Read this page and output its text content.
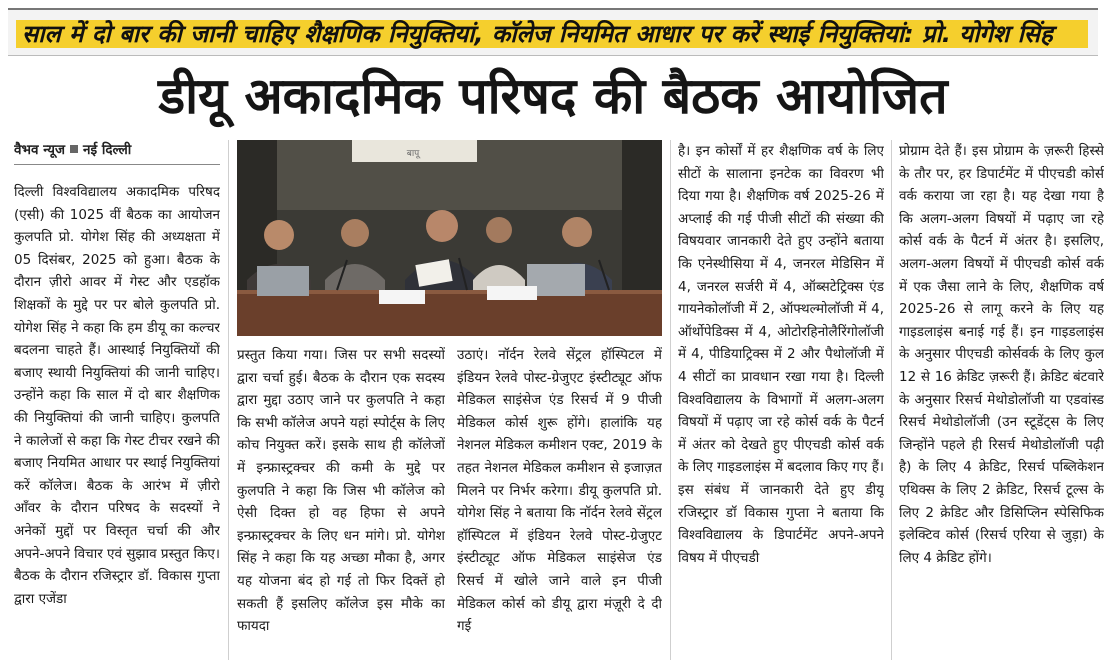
साल में दो बार की जानी चाहिए शैक्षणिक नियुक्तियां, कॉलेज नियमित आधार पर करें स्थाई नियुक्तियां: प्रो. योगेश सिंह
डीयू अकादमिक परिषद की बैठक आयोजित
वैभव न्यूज नई दिल्ली

दिल्ली विश्वविद्यालय अकादमिक परिषद (एसी) की 1025 वीं बैठक का आयोजन कुलपति प्रो. योगेश सिंह की अध्यक्षता में 05 दिसंबर, 2025 को हुआ। बैठक के दौरान ज़ीरो आवर में गेस्ट और एडहॉक शिक्षकों के मुद्दे पर पर बोले कुलपति प्रो. योगेश सिंह ने कहा कि हम डीयू का कल्चर बदलना चाहते हैं। आस्थाई नियुक्तियों की बजाए स्थायी नियुक्तियां की जानी चाहिए। उन्होंने कहा कि साल में दो बार शैक्षणिक की नियुक्तियां की जानी चाहिए। कुलपति ने कालेजों से कहा कि गेस्ट टीचर रखने की बजाए नियमित आधार पर स्थाई नियुक्तियां करें कॉलेज। बैठक के आरंभ में ज़ीरो आँवर के दौरान परिषद के सदस्यों ने अनेकों मुद्दों पर विस्तृत चर्चा की और अपने-अपने विचार एवं सुझाव प्रस्तुत किए। बैठक के दौरान रजिस्ट्रार डॉ. विकास गुप्ता द्वारा एजेंडा

बापू

प्रस्तुत किया गया। जिस पर सभी सदस्यों द्वारा चर्चा हुई। बैठक के दौरान एक सदस्य द्वारा मुद्दा उठाए जाने पर कुलपति ने कहा कि सभी कॉलेज अपने यहां स्पोर्ट्स के लिए कोच नियुक्त करें। इसके साथ ही कॉलेजों में इन्फ्रास्ट्रक्चर की कमी के मुद्दे पर कुलपति ने कहा कि जिस भी कॉलेज को ऐसी दिक्त हो वह हिफा से अपने इन्फ्रास्ट्रक्चर के लिए धन मांगे। प्रो. योगेश सिंह ने कहा कि यह अच्छा मौका है, अगर यह योजना बंद हो गई तो फिर दिक्तें हो सकती हैं इसलिए कॉलेज इस मौके का फायदा

उठाएं। नॉर्दन रेलवे सेंट्रल हॉस्पिटल में इंडियन रेलवे पोस्ट-ग्रेजुएट इंस्टीट्यूट ऑफ मेडिकल साइंसेज एंड रिसर्च में 9 पीजी मेडिकल कोर्स शुरू होंगे। हालांकि यह नेशनल मेडिकल कमीशन एक्ट, 2019 के तहत नेशनल मेडिकल कमीशन से इजाज़त मिलने पर निर्भर करेगा। डीयू कुलपति प्रो. योगेश सिंह ने बताया कि नॉर्दन रेलवे सेंट्रल हॉस्पिटल में इंडियन रेलवे पोस्ट-ग्रेजुएट इंस्टीट्यूट ऑफ मेडिकल साइंसेज एंड रिसर्च में खोले जाने वाले इन पीजी मेडिकल कोर्स को डीयू द्वारा मंज़ूरी दे दी गई

है। इन कोर्सों में हर शैक्षणिक वर्ष के लिए सीटों के सालाना इनटेक का विवरण भी दिया गया है। शैक्षणिक वर्ष 2025-26 में अप्लाई की गई पीजी सीटों की संख्या की विषयवार जानकारी देते हुए उन्होंने बताया कि एनेस्थीसिया में 4, जनरल मेडिसिन में 4, जनरल सर्जरी में 4, ऑब्सटेट्रिक्स एंड गायनेकोलॉजी में 2, ऑफ्थल्मोलॉजी में 4, ऑर्थोपेडिक्स में 4, ओटोरहिनोलैरिंगोलॉजी में 4, पीडियाट्रिक्स में 2 और पैथोलॉजी में 4 सीटों का प्रावधान रखा गया है। दिल्ली विश्वविद्यालय के विभागों में अलग-अलग विषयों में पढ़ाए जा रहे कोर्स वर्क के पैटर्न में अंतर को देखते हुए पीएचडी कोर्स वर्क के लिए गाइडलाइंस में बदलाव किए गए हैं। इस संबंध में जानकारी देते हुए डीयू रजिस्ट्रार डॉ विकास गुप्ता ने बताया कि विश्वविद्यालय के डिपार्टमेंट अपने-अपने विषय में पीएचडी

प्रोग्राम देते हैं। इस प्रोग्राम के ज़रूरी हिस्से के तौर पर, हर डिपार्टमेंट में पीएचडी कोर्स वर्क कराया जा रहा है। यह देखा गया है कि अलग-अलग विषयों में पढ़ाए जा रहे कोर्स वर्क के पैटर्न में अंतर है। इसलिए, अलग-अलग विषयों में पीएचडी कोर्स वर्क में एक जैसा लाने के लिए, शैक्षणिक वर्ष 2025-26 से लागू करने के लिए यह गाइडलाइंस बनाई गई हैं। इन गाइडलाइंस के अनुसार पीएचडी कोर्सवर्क के लिए कुल 12 से 16 क्रेडिट ज़रूरी हैं। क्रेडिट बंटवारे के अनुसार रिसर्च मेथोडोलॉजी या एडवांस्ड रिसर्च मेथोडोलॉजी (उन स्टूडेंट्स के लिए जिन्होंने पहले ही रिसर्च मेथोडोलॉजी पढ़ी है) के लिए 4 क्रेडिट, रिसर्च पब्लिकेशन एथिक्स के लिए 2 क्रेडिट, रिसर्च टूल्स के लिए 2 क्रेडिट और डिसिप्लिन स्पेसिफिक इलेक्टिव कोर्स (रिसर्च एरिया से जुड़ा) के लिए 4 क्रेडिट होंगे।
